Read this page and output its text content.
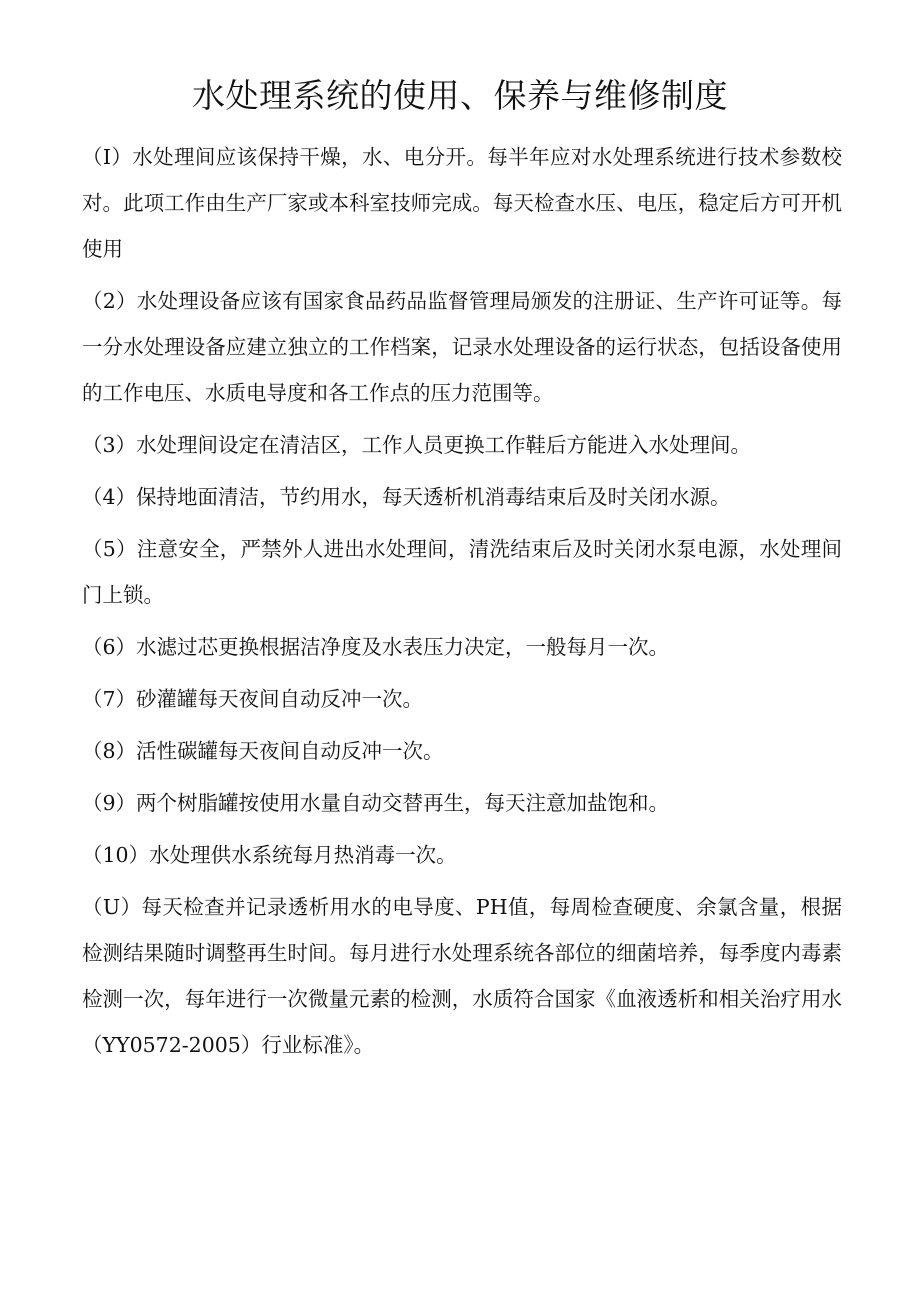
水处理系统的使用、保养与维修制度

（I）水处理间应该保持干燥，水、电分开。每半年应对水处理系统进行技术参数校对。此项工作由生产厂家或本科室技师完成。每天检查水压、电压，稳定后方可开机使用

（2）水处理设备应该有国家食品药品监督管理局颁发的注册证、生产许可证等。每一分水处理设备应建立独立的工作档案，记录水处理设备的运行状态，包括设备使用的工作电压、水质电导度和各工作点的压力范围等。

（3）水处理间设定在清洁区，工作人员更换工作鞋后方能进入水处理间。

（4）保持地面清洁，节约用水，每天透析机消毒结束后及时关闭水源。

（5）注意安全，严禁外人进出水处理间，清洗结束后及时关闭水泵电源，水处理间门上锁。

（6）水滤过芯更换根据洁净度及水表压力决定，一般每月一次。

（7）砂灌罐每天夜间自动反冲一次。

（8）活性碳罐每天夜间自动反冲一次。

（9）两个树脂罐按使用水量自动交替再生，每天注意加盐饱和。

（10）水处理供水系统每月热消毒一次。

（U）每天检查并记录透析用水的电导度、PH值，每周检查硬度、余氯含量，根据检测结果随时调整再生时间。每月进行水处理系统各部位的细菌培养，每季度内毒素检测一次，每年进行一次微量元素的检测，水质符合国家《血液透析和相关治疗用水（YY0572-2005）行业标准》。
